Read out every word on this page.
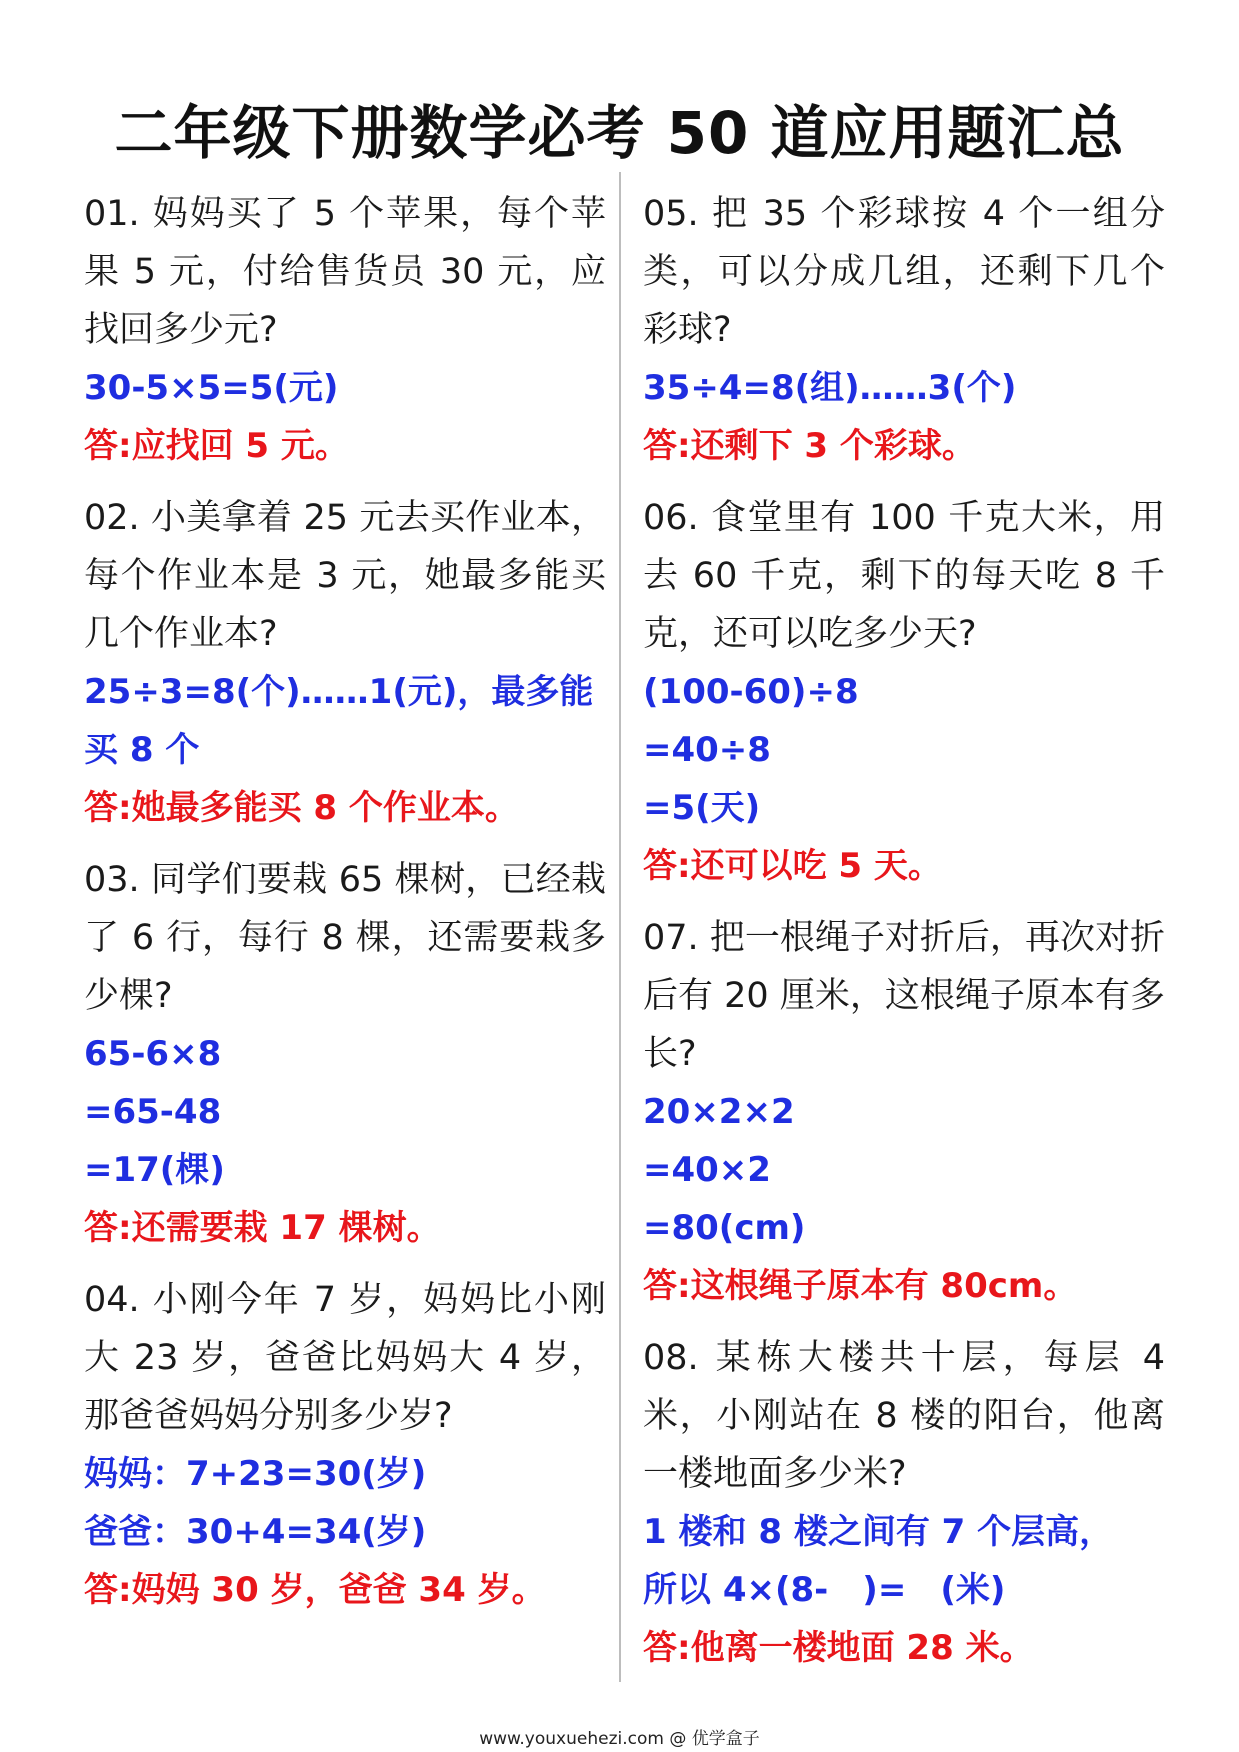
二年级下册数学必考 50 道应用题汇总

01. 妈妈买了 5 个苹果，每个苹果 5 元，付给售货员 30 元，应找回多少元?

30-5×5=5(元)

答:应找回 5 元。

02. 小美拿着 25 元去买作业本，每个作业本是 3 元，她最多能买几个作业本?

25÷3=8(个)……1(元)，最多能买 8 个

答:她最多能买 8 个作业本。

03. 同学们要栽 65 棵树，已经栽了 6 行，每行 8 棵，还需要栽多少棵?

65-6×8

=65-48

=17(棵)

答:还需要栽 17 棵树。

04. 小刚今年 7 岁，妈妈比小刚大 23 岁，爸爸比妈妈大 4 岁，那爸爸妈妈分别多少岁?

妈妈：7+23=30(岁)

爸爸：30+4=34(岁)

答:妈妈 30 岁，爸爸 34 岁。

05. 把 35 个彩球按 4 个一组分类，可以分成几组，还剩下几个彩球?

35÷4=8(组)……3(个)

答:还剩下 3 个彩球。

06. 食堂里有 100 千克大米，用去 60 千克，剩下的每天吃 8 千克，还可以吃多少天?

(100-60)÷8

=40÷8

=5(天)

答:还可以吃 5 天。

07. 把一根绳子对折后，再次对折后有 20 厘米，这根绳子原本有多长?

20×2×2

=40×2

=80(cm)

答:这根绳子原本有 80cm。

08. 某栋大楼共十层，每层 4 米，小刚站在 8 楼的阳台，他离一楼地面多少米?

1 楼和 8 楼之间有 7 个层高，

所以 4×(8-　)=　(米)

答:他离一楼地面 28 米。

www.youxuehezi.com @ 优学盒子
